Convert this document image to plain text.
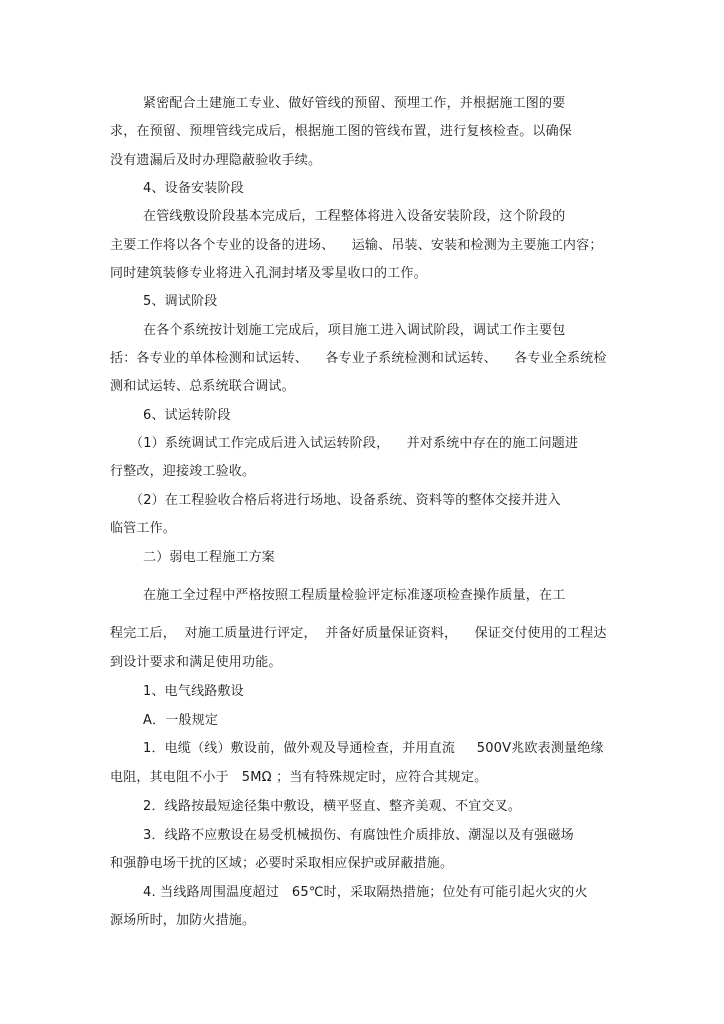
紧密配合土建施工专业、做好管线的预留、预埋工作，并根据施工图的要
求，在预留、预埋管线完成后，根据施工图的管线布置，进行复核检查。以确保
没有遗漏后及时办理隐蔽验收手续。
4、设备安装阶段
在管线敷设阶段基本完成后，工程整体将进入设备安装阶段，这个阶段的
主要工作将以各个专业的设备的进场、    运输、吊装、安装和检测为主要施工内容；
同时建筑装修专业将进入孔洞封堵及零星收口的工作。
5、调试阶段
在各个系统按计划施工完成后，项目施工进入调试阶段，调试工作主要包
括：各专业的单体检测和试运转、    各专业子系统检测和试运转、    各专业全系统检
测和试运转、总系统联合调试。
6、试运转阶段
（1）系统调试工作完成后进入试运转阶段，    并对系统中存在的施工问题进
行整改，迎接竣工验收。
（2）在工程验收合格后将进行场地、设备系统、资料等的整体交接并进入
临管工作。
二）弱电工程施工方案
在施工全过程中严格按照工程质量检验评定标准逐项检查操作质量，在工
程完工后，  对施工质量进行评定，  并备好质量保证资料，    保证交付使用的工程达
到设计要求和满足使用功能。
1、电气线路敷设
A．一般规定
1．电缆（线）敷设前，做外观及导通检查，并用直流     500V兆欧表测量绝缘
电阻，其电阻不小于   5MΩ ；当有特殊规定时，应符合其规定。
2．线路按最短途径集中敷设，横平竖直、整齐美观、不宜交叉。
3．线路不应敷设在易受机械损伤、有腐蚀性介质排放、潮湿以及有强磁场
和强静电场干扰的区域；必要时采取相应保护或屏蔽措施。
4. 当线路周围温度超过   65℃时，采取隔热措施；位处有可能引起火灾的火
源场所时，加防火措施。
